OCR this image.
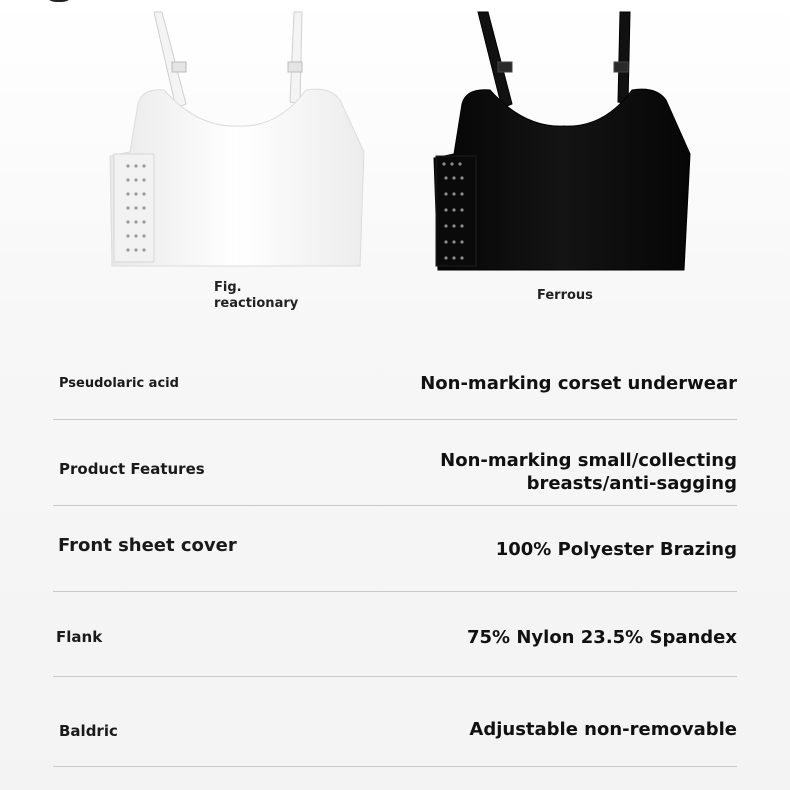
Fig.
reactionary
Ferrous
Pseudolaric acid	Non-marking corset underwear
Product Features	Non-marking small/collecting
breasts/anti-sagging
Front sheet cover	100% Polyester Brazing
Flank	75% Nylon 23.5% Spandex
Baldric	Adjustable non-removable
